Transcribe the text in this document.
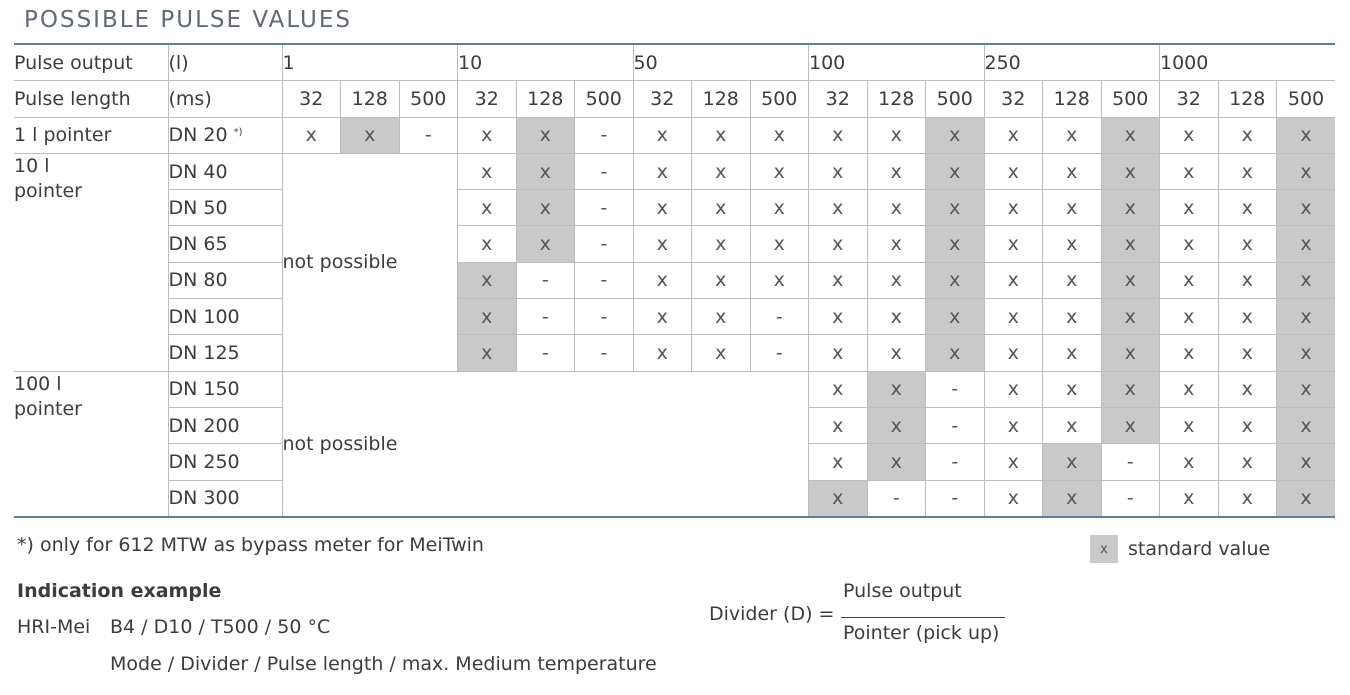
POSSIBLE PULSE VALUES
Pulse output	(l)	1			10			50			100			250			1000		
Pulse length	(ms)	32	128	500	32	128	500	32	128	500	32	128	500	32	128	500	32	128	500
1 l pointer	DN 20 *)	x	x	-	x	x	-	x	x	x	x	x	x	x	x	x	x	x	x
10 l
pointer	DN 40	not possible			x	x	-	x	x	x	x	x	x	x	x	x	x	x	x
	DN 50				x	x	-	x	x	x	x	x	x	x	x	x	x	x	x
	DN 65				x	x	-	x	x	x	x	x	x	x	x	x	x	x	x
	DN 80				x	-	-	x	x	x	x	x	x	x	x	x	x	x	x
	DN 100				x	-	-	x	x	-	x	x	x	x	x	x	x	x	x
	DN 125				x	-	-	x	x	-	x	x	x	x	x	x	x	x	x
100 l
pointer	DN 150	not possible									x	x	-	x	x	x	x	x	x
	DN 200										x	x	-	x	x	x	x	x	x
	DN 250										x	x	-	x	x	-	x	x	x
	DN 300										x	-	-	x	x	-	x	x	x
*) only for 612 MTW as bypass meter for MeiTwin	x	standard value
Indication example
HRI-Mei B4 / D10 / T500 / 50 °C
Mode / Divider / Pulse length / max. Medium temperature
Divider (D) =
Pulse output
Pointer (pick up)
